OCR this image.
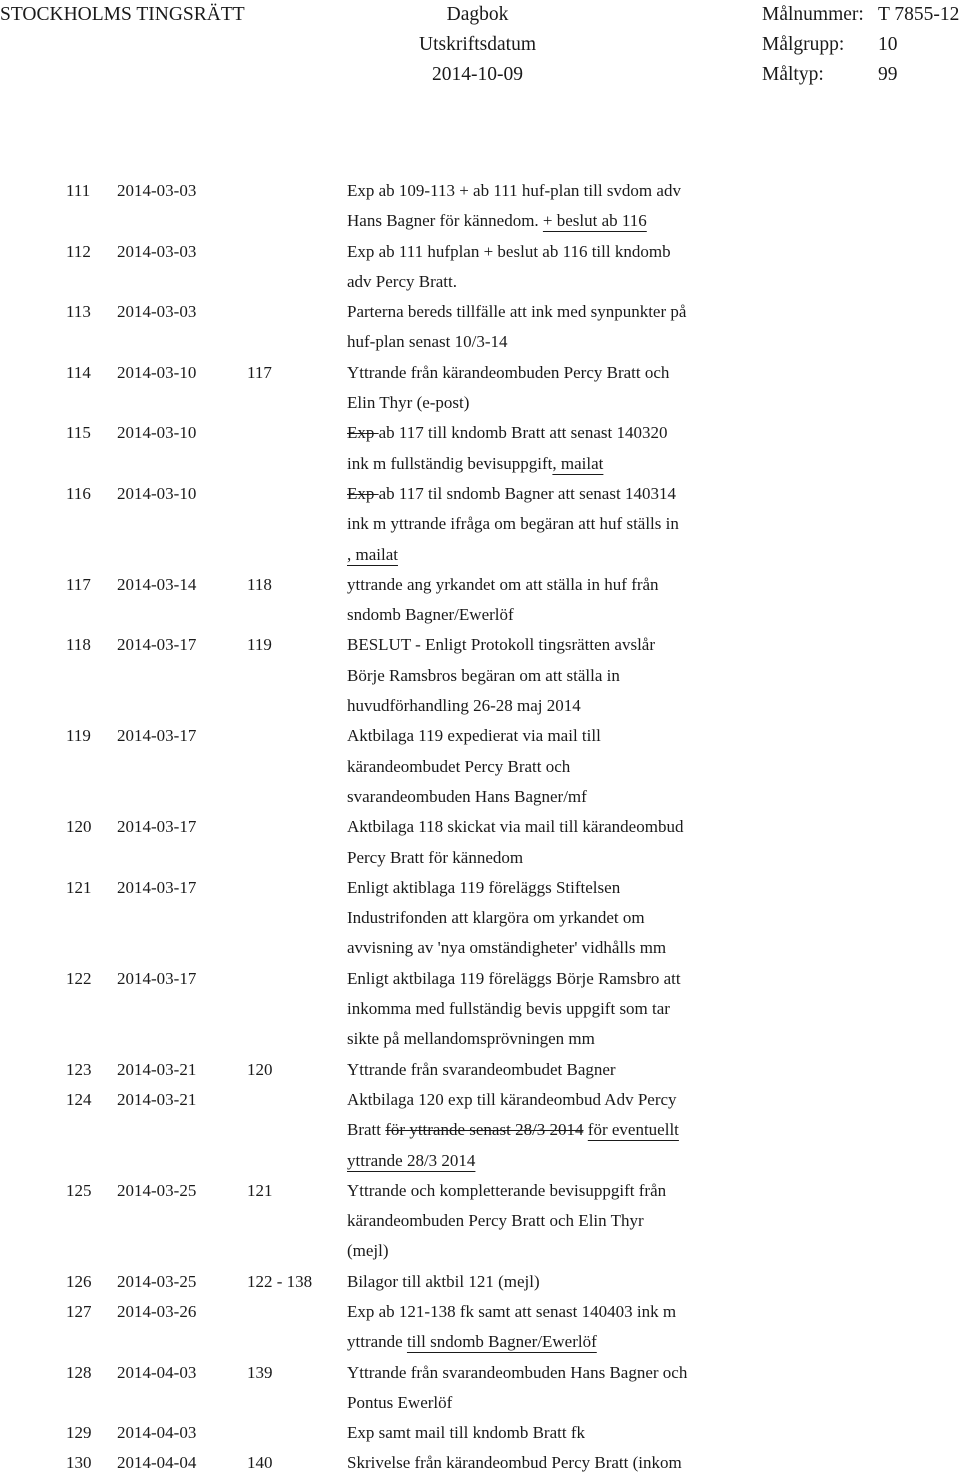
STOCKHOLMS TINGSRÄTT	Dagbok
Utskriftsdatum
2014-10-09
Målnummer: T 7855-12
Målgrupp: 10
Måltyp:	99
111 2014-03-03	Exp ab 109-113 + ab 111 huf-plan till svdom adv
Hans Bagner för kännedom. + beslut ab 116
112 2014-03-03	Exp ab 111 hufplan + beslut ab 116 till kndomb
adv Percy Bratt.
113 2014-03-03	Parterna bereds tillfälle att ink med synpunkter på
huf-plan senast 10/3-14
114 2014-03-10	117	Yttrande från kärandeombuden Percy Bratt och
Elin Thyr (e-post)
115 2014-03-10	Exp ab 117 till kndomb Bratt att senast 140320
ink m fullständig bevisuppgift, mailat
116 2014-03-10	Exp ab 117 til sndomb Bagner att senast 140314
ink m yttrande ifråga om begäran att huf ställs in
, mailat
117 2014-03-14	118	yttrande ang yrkandet om att ställa in huf från
sndomb Bagner/Ewerlöf
118 2014-03-17	119	BESLUT - Enligt Protokoll tingsrätten avslår
Börje Ramsbros begäran om att ställa in
huvudförhandling 26-28 maj 2014
119 2014-03-17	Aktbilaga 119 expedierat via mail till
kärandeombudet Percy Bratt och
svarandeombuden Hans Bagner/mf
120 2014-03-17	Aktbilaga 118 skickat via mail till kärandeombud
Percy Bratt för kännedom
121 2014-03-17	Enligt aktiblaga 119 föreläggs Stiftelsen
Industrifonden att klargöra om yrkandet om
avvisning av 'nya omständigheter' vidhålls mm
122 2014-03-17	Enligt aktbilaga 119 föreläggs Börje Ramsbro att
inkomma med fullständig bevis uppgift som tar
sikte på mellandomsprövningen mm
123 2014-03-21	120	Yttrande från svarandeombudet Bagner
124 2014-03-21	Aktbilaga 120 exp till kärandeombud Adv Percy
Bratt för yttrande senast 28/3 2014 för eventuellt
yttrande 28/3 2014
125 2014-03-25	121	Yttrande och kompletterande bevisuppgift från
kärandeombuden Percy Bratt och Elin Thyr
(mejl)
126 2014-03-25	122 - 138 Bilagor till aktbil 121 (mejl)
127 2014-03-26	Exp ab 121-138 fk samt att senast 140403 ink m
yttrande till sndomb Bagner/Ewerlöf
128 2014-04-03	139	Yttrande från svarandeombuden Hans Bagner och
Pontus Ewerlöf
129 2014-04-03	Exp samt mail till kndomb Bratt fk
130 2014-04-04	140	Skrivelse från kärandeombud Percy Bratt (inkom
